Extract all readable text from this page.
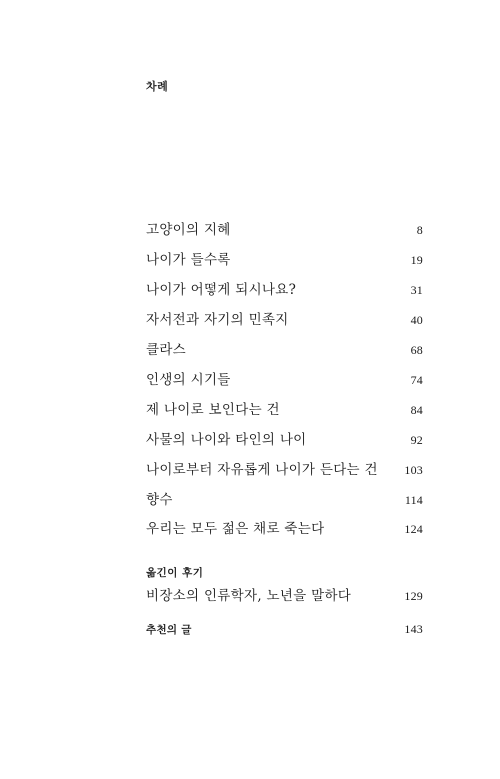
차례
고양이의 지혜	8
나이가 들수록	19
나이가 어떻게 되시나요?	31
자서전과 자기의 민족지	40
클라스	68
인생의 시기들	74
제 나이로 보인다는 건	84
사물의 나이와 타인의 나이	92
나이로부터 자유롭게 나이가 든다는 건 103
향수	114
우리는 모두 젊은 채로 죽는다	124
옮긴이 후기
비장소의 인류학자, 노년을 말하다	129
추천의 글	143
